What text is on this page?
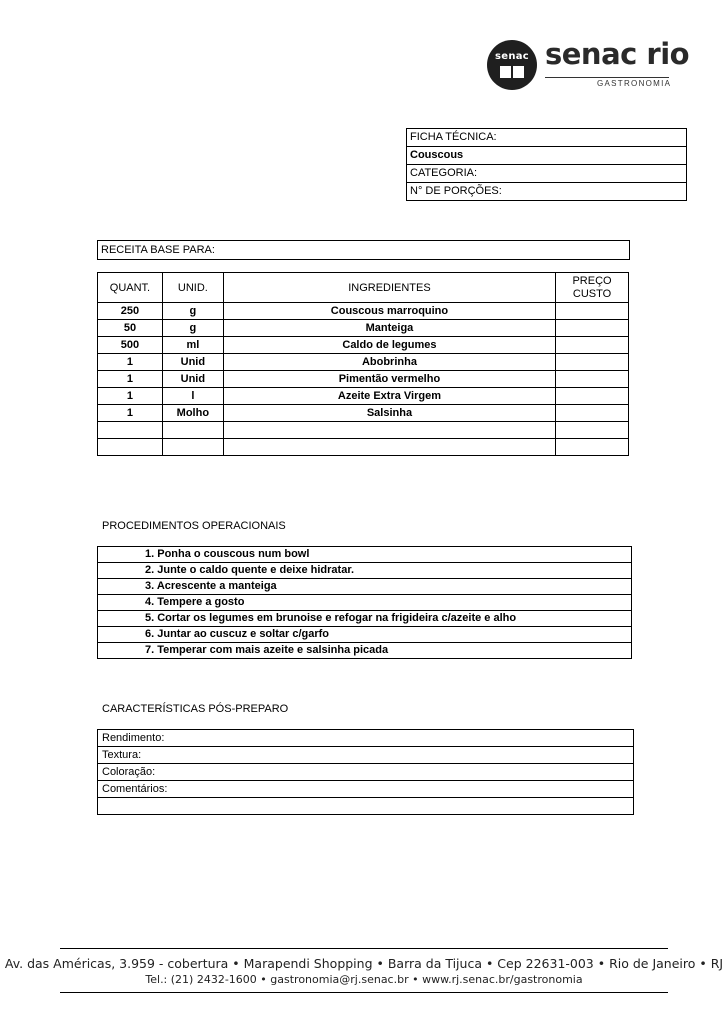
senac senac rio
GASTRONOMIA
FICHA TÉCNICA:
Couscous
CATEGORIA:
N° DE PORÇÕES:
RECEITA BASE PARA:
QUANT.	UNID.	INGREDIENTES	PREÇO CUSTO
250	g	Couscous marroquino	
50	g	Manteiga	
500	ml	Caldo de legumes	
1	Unid	Abobrinha	
1	Unid	Pimentão vermelho	
1	l	Azeite Extra Virgem	
1	Molho	Salsinha	

PROCEDIMENTOS OPERACIONAIS
1. Ponha o couscous num bowl
2. Junte o caldo quente e deixe hidratar.
3. Acrescente a manteiga
4. Tempere a gosto
5. Cortar os legumes em brunoise e refogar na frigideira c/azeite e alho
6. Juntar ao cuscuz e soltar c/garfo
7. Temperar com mais azeite e salsinha picada
CARACTERÍSTICAS PÓS-PREPARO
Rendimento:
Textura:
Coloração:
Comentários:
Av. das Américas, 3.959 - cobertura • Marapendi Shopping • Barra da Tijuca • Cep 22631-003 • Rio de Janeiro • RJ
Tel.: (21) 2432-1600 • gastronomia@rj.senac.br • www.rj.senac.br/gastronomia
